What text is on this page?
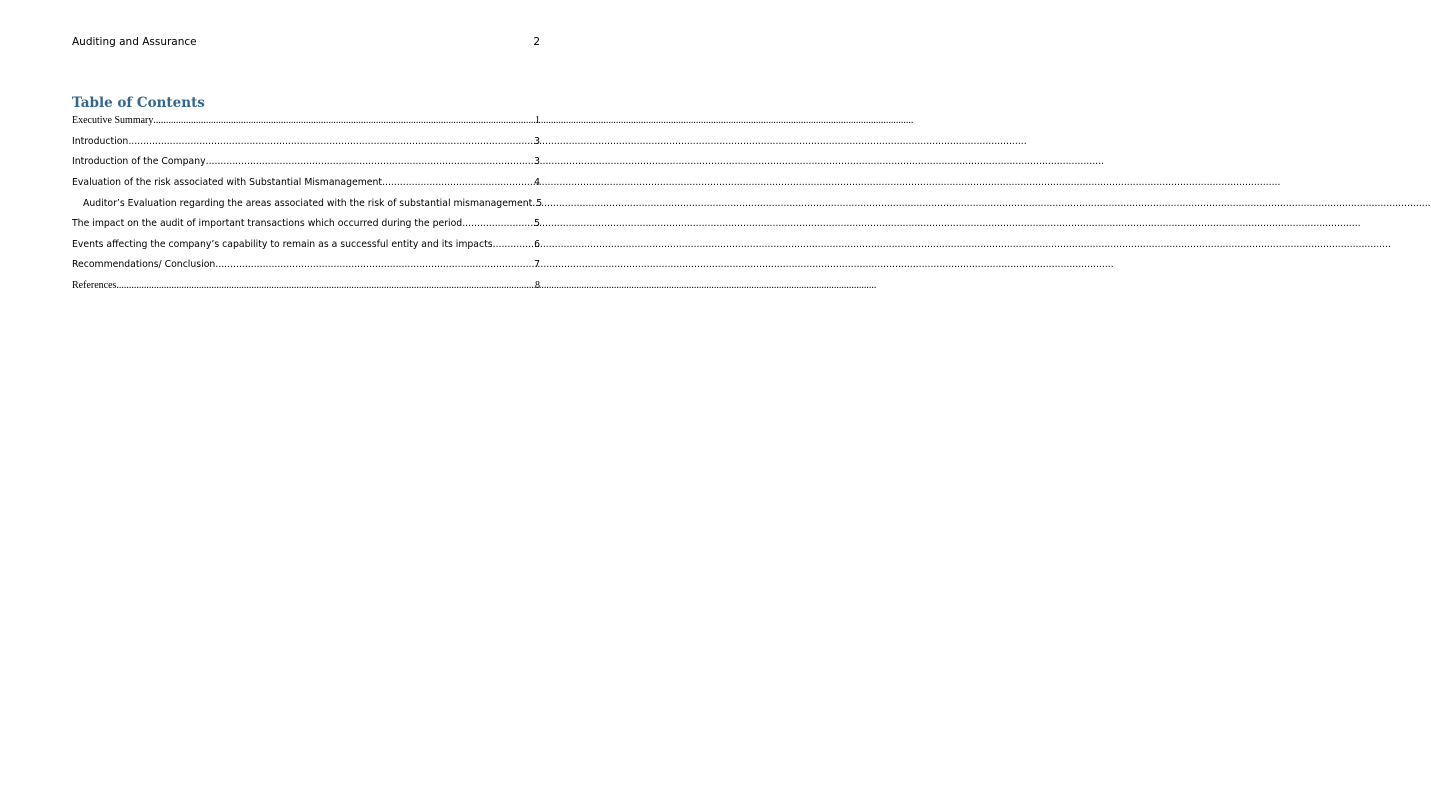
Auditing and Assurance	2
Table of Contents
Executive Summary .....	1
Introduction .....	3
Introduction of the Company .....	3
Evaluation of the risk associated with Substantial Mismanagement .....	4
Auditor’s Evaluation regarding the areas associated with the risk of substantial mismanagement ..... 5
The impact on the audit of important transactions which occurred during the period .....	5
Events affecting the company’s capability to remain as a successful entity and its impacts .....	6
Recommendations/ Conclusion .....	7
References .....	8
